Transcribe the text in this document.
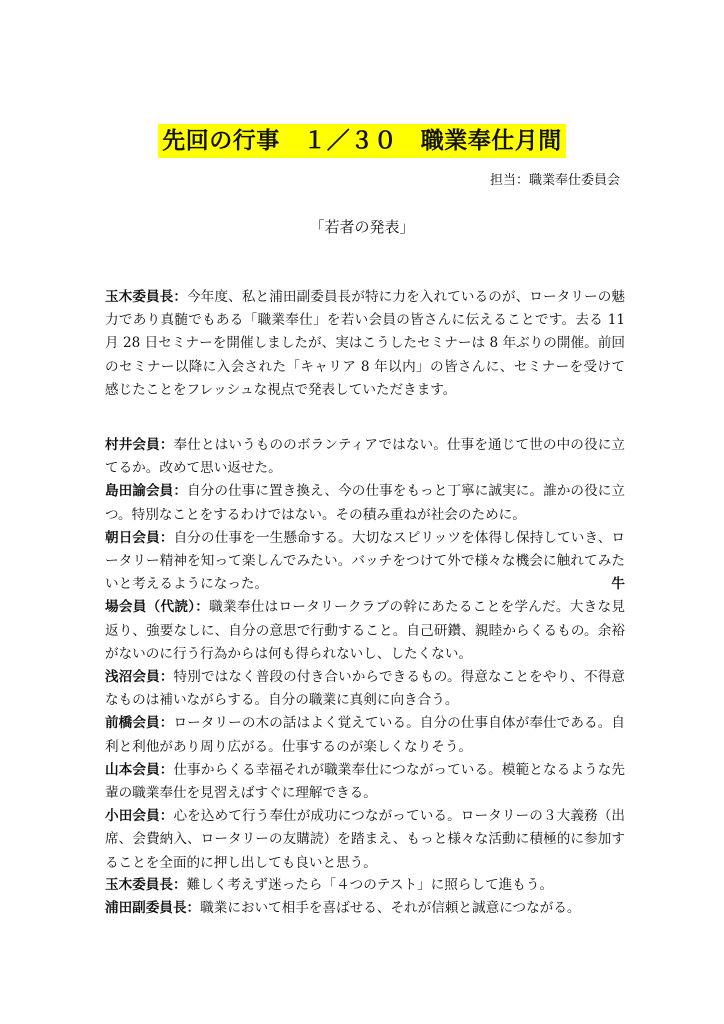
先回の行事　１／３０　職業奉仕月間
担当：職業奉仕委員会
「若者の発表」

玉木委員長：今年度、私と浦田副委員長が特に力を入れているのが、ロータリーの魅力であり真髄でもある「職業奉仕」を若い会員の皆さんに伝えることです。去る 11 月 28 日セミナーを開催しましたが、実はこうしたセミナーは 8 年ぶりの開催。前回のセミナー以降に入会された「キャリア 8 年以内」の皆さんに、セミナーを受けて感じたことをフレッシュな視点で発表していただきます。

村井会員：奉仕とはいうもののボランティアではない。仕事を通じて世の中の役に立てるか。改めて思い返せた。

島田諭会員：自分の仕事に置き換え、今の仕事をもっと丁寧に誠実に。誰かの役に立つ。特別なことをするわけではない。その積み重ねが社会のために。

朝日会員：自分の仕事を一生懸命する。大切なスピリッツを体得し保持していき、ロータリー精神を知って楽しんでみたい。バッチをつけて外で様々な機会に触れてみたいと考えるようになった。	牛

場会員（代読）：職業奉仕はロータリークラブの幹にあたることを学んだ。大きな見返り、強要なしに、自分の意思で行動すること。自己研鑽、親睦からくるもの。余裕がないのに行う行為からは何も得られないし、したくない。

浅沼会員：特別ではなく普段の付き合いからできるもの。得意なことをやり、不得意なものは補いながらする。自分の職業に真剣に向き合う。

前橋会員：ロータリーの木の話はよく覚えている。自分の仕事自体が奉仕である。自利と利他があり周り広がる。仕事するのが楽しくなりそう。

山本会員：仕事からくる幸福それが職業奉仕につながっている。模範となるような先輩の職業奉仕を見習えばすぐに理解できる。

小田会員：心を込めて行う奉仕が成功につながっている。ロータリーの３大義務（出席、会費納入、ロータリーの友購読）を踏まえ、もっと様々な活動に積極的に参加することを全面的に押し出しても良いと思う。

玉木委員長：難しく考えず迷ったら「４つのテスト」に照らして進もう。

浦田副委員長：職業において相手を喜ばせる、それが信頼と誠意につながる。
